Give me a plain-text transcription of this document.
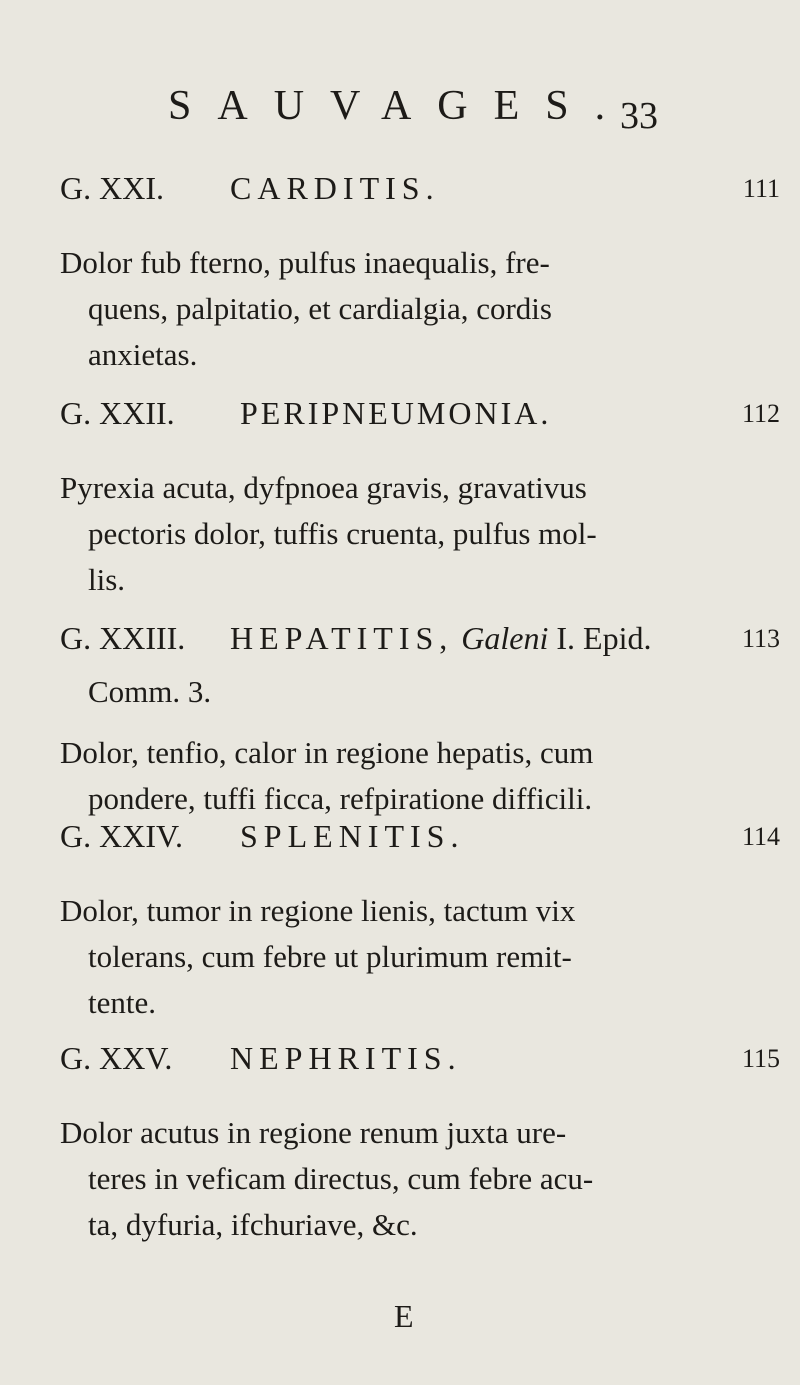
SAUVAGES.
33
G. XXI. CARDITIS.	111
Dolor fub fterno, pulfus inaequalis, fre-
quens, palpitatio, et cardialgia, cordis
anxietas.
G. XXII. PERIPNEUMONIA.	112
Pyrexia acuta, dyfpnoea gravis, gravativus
pectoris dolor, tuffis cruenta, pulfus mol-
lis.
G. XXIII. HEPATITIS, Galeni I. Epid.	113
Comm. 3.
Dolor, tenfio, calor in regione hepatis, cum
pondere, tuffi ficca, refpiratione difficili.
G. XXIV. SPLENITIS.	114
Dolor, tumor in regione lienis, tactum vix
tolerans, cum febre ut plurimum remit-
tente.
G. XXV. NEPHRITIS.	115
Dolor acutus in regione renum juxta ure-
teres in veficam directus, cum febre acu-
ta, dyfuria, ifchuriave, &c.
E
